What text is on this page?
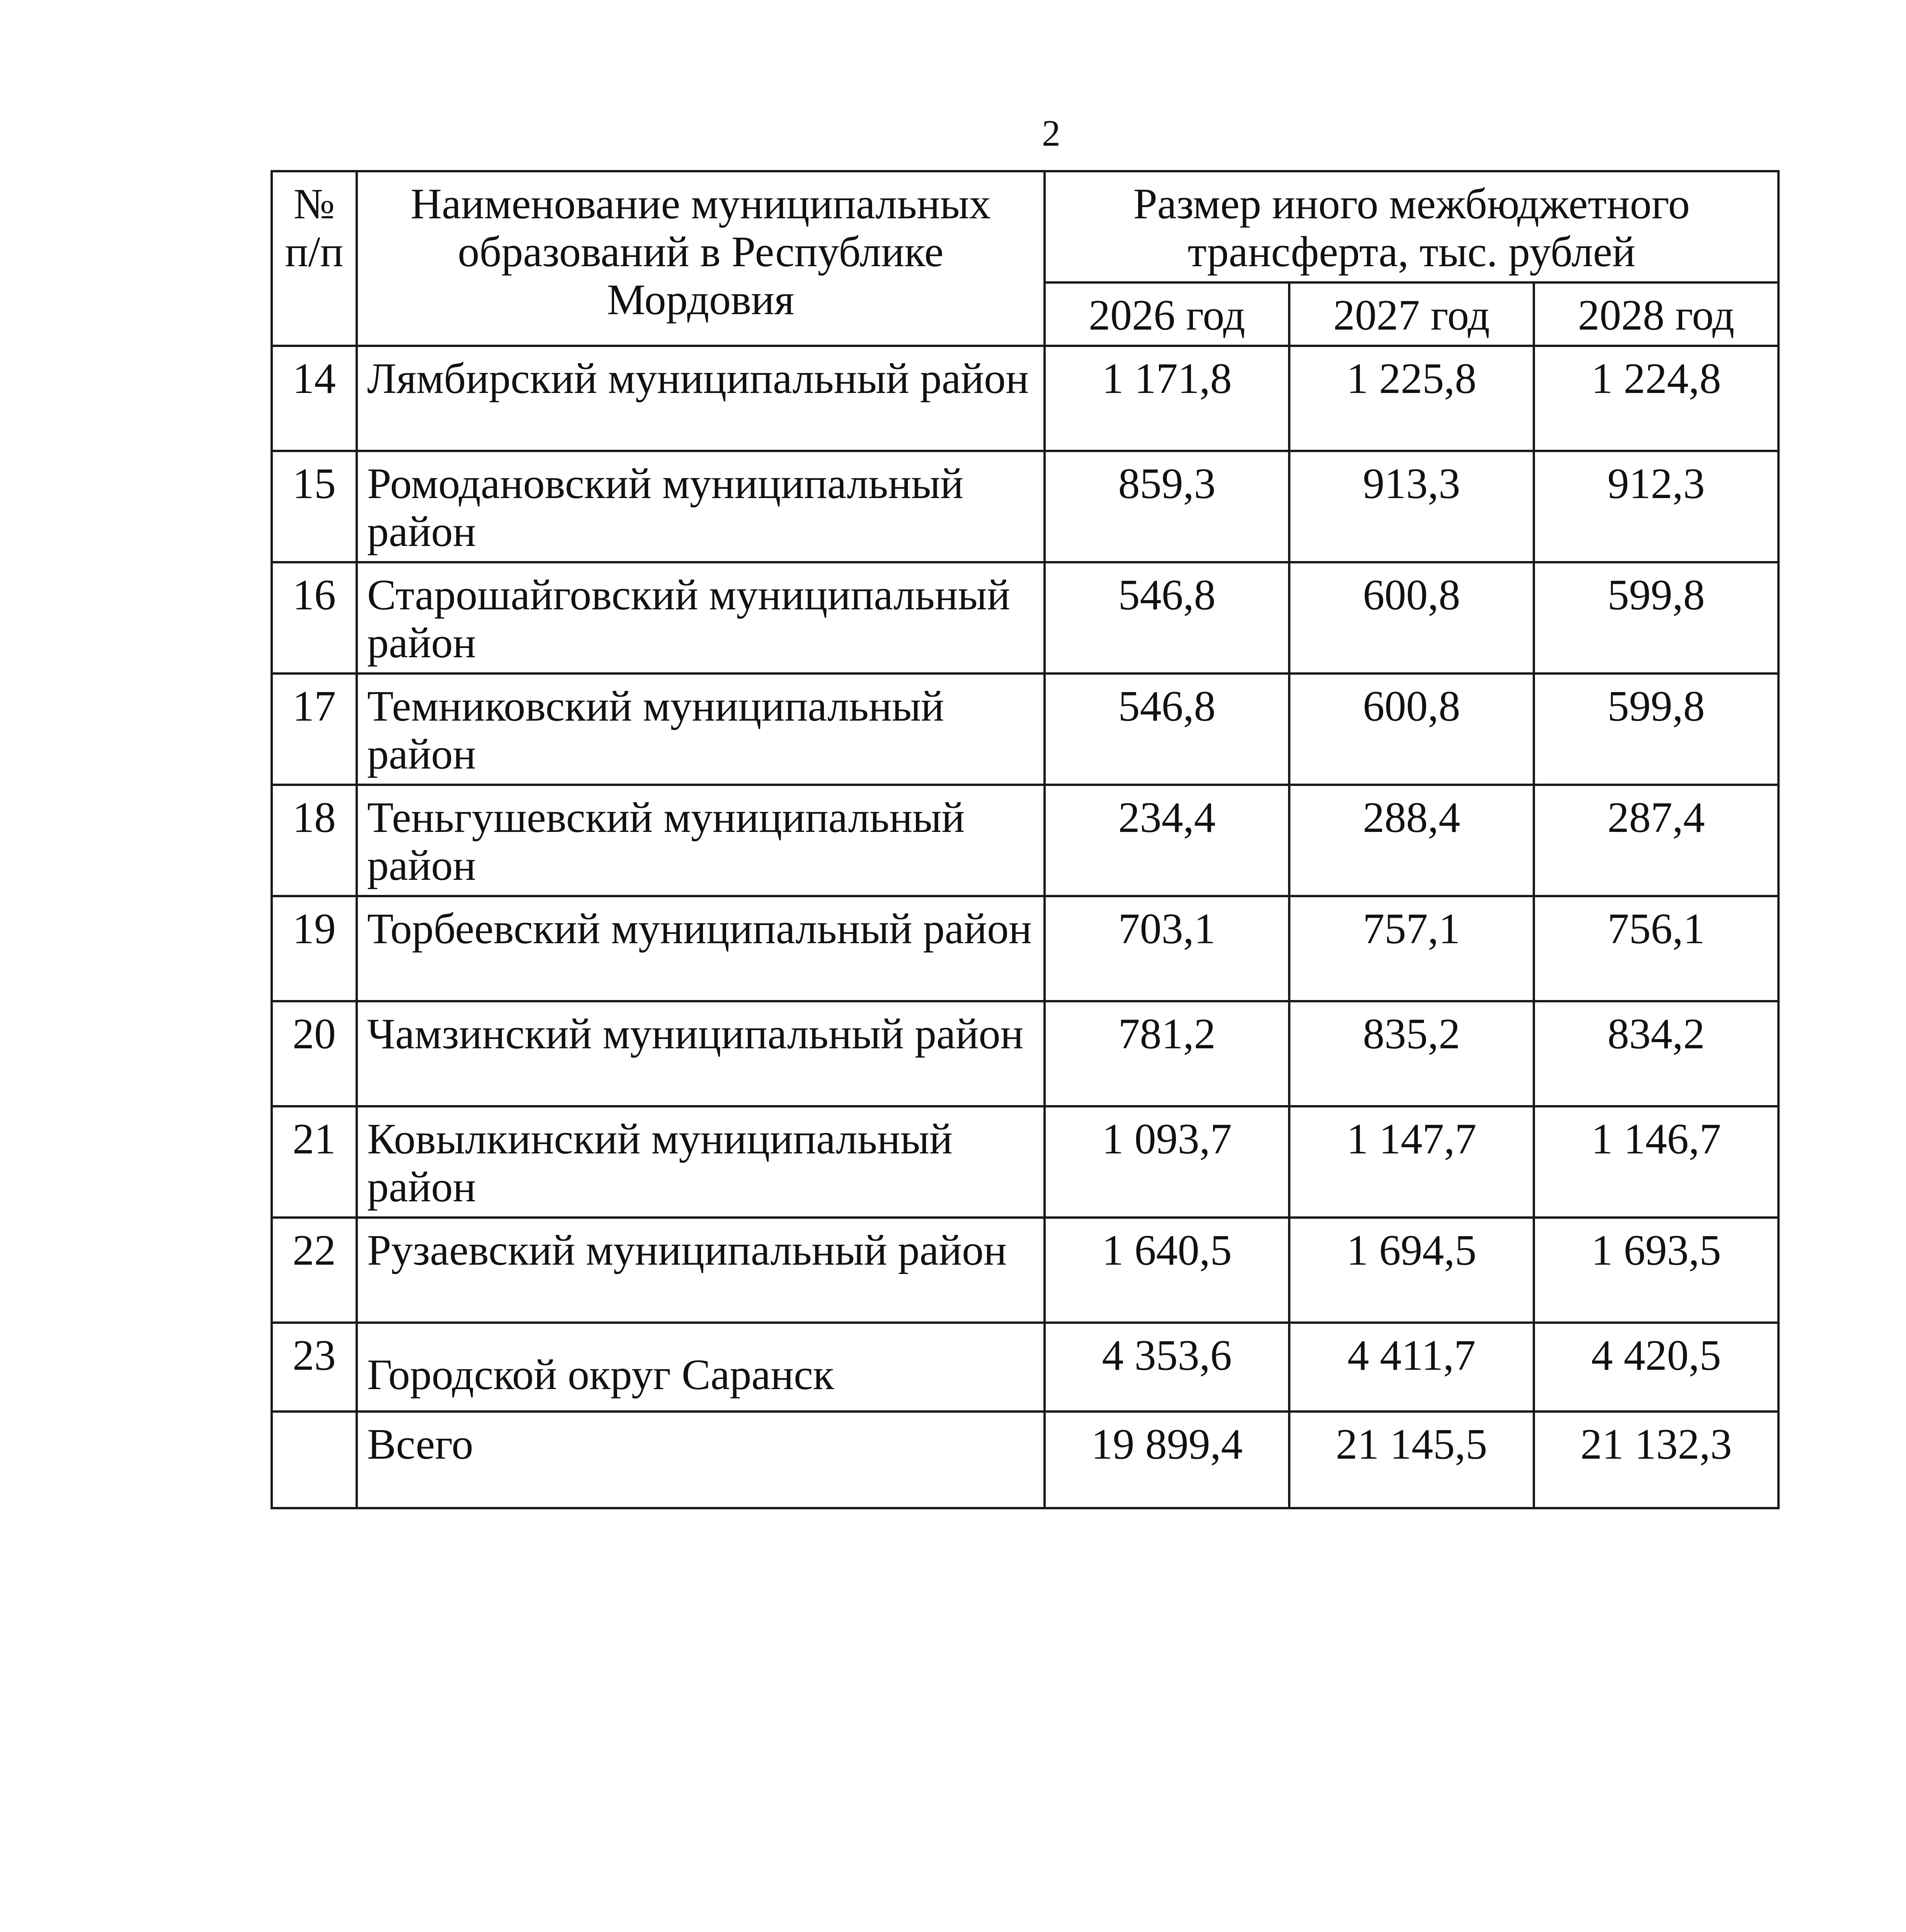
2
№ п/п	Наименование муниципальных образований в Республике Мордовия	Размер иного межбюджетного трансферта, тыс. рублей		
		2026 год	2027 год	2028 год
14	Лямбирский муниципальный район	1 171,8	1 225,8	1 224,8
15	Ромодановский муниципальный район	859,3	913,3	912,3
16	Старошайговский муниципальный район	546,8	600,8	599,8
17	Темниковский муниципальный район	546,8	600,8	599,8
18	Теньгушевский муниципальный район	234,4	288,4	287,4
19	Торбеевский муниципальный район	703,1	757,1	756,1
20	Чамзинский муниципальный район	781,2	835,2	834,2
21	Ковылкинский муниципальный район	1 093,7	1 147,7	1 146,7
22	Рузаевский муниципальный район	1 640,5	1 694,5	1 693,5
23	Городской округ Саранск	4 353,6	4 411,7	4 420,5
	Всего	19 899,4	21 145,5	21 132,3
